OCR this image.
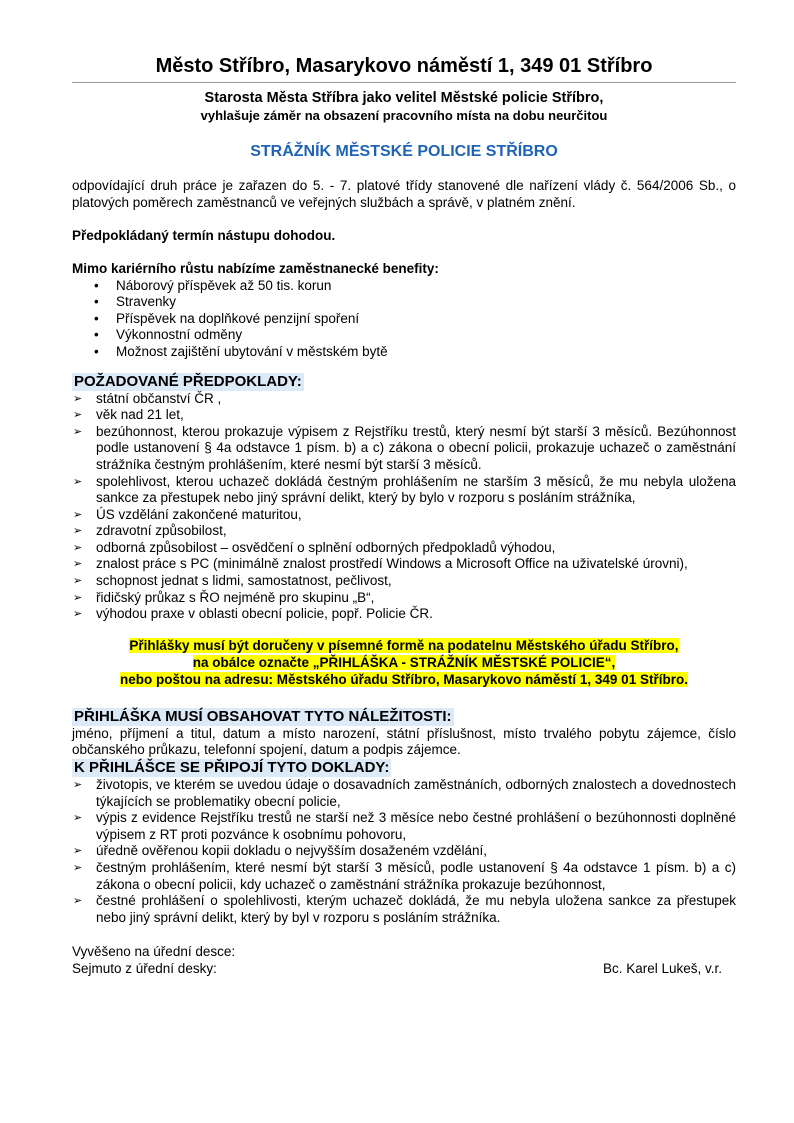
Město Stříbro, Masarykovo náměstí 1, 349 01 Stříbro
Starosta Města Stříbra jako velitel Městské policie Stříbro,
vyhlašuje záměr na obsazení pracovního místa na dobu neurčitou
STRÁŽNÍK MĚSTSKÉ POLICIE STŘÍBRO

odpovídající druh práce je zařazen do 5. - 7. platové třídy stanovené dle nařízení vlády č. 564/2006 Sb., o platových poměrech zaměstnanců ve veřejných službách a správě, v platném znění.

Předpokládaný termín nástupu dohodou.

Mimo kariérního růstu nabízíme zaměstnanecké benefity:

• Náborový příspěvek až 50 tis. korun
• Stravenky
• Příspěvek na doplňkové penzijní spoření
• Výkonnostní odměny
• Možnost zajištění ubytování v městském bytě
POŽADOVANÉ PŘEDPOKLADY:
➢ státní občanství ČR ,
➢ věk nad 21 let,
➢ bezúhonnost, kterou prokazuje výpisem z Rejstříku trestů, který nesmí být starší 3 měsíců. Bezúhonnost podle ustanovení § 4a odstavce 1 písm. b) a c) zákona o obecní policii, prokazuje uchazeč o zaměstnání strážníka čestným prohlášením, které nesmí být starší 3 měsíců.
➢ spolehlivost, kterou uchazeč dokládá čestným prohlášením ne starším 3 měsíců, že mu nebyla uložena sankce za přestupek nebo jiný správní delikt, který by bylo v rozporu s posláním strážníka,
➢ ÚS vzdělání zakončené maturitou,
➢ zdravotní způsobilost,
➢ odborná způsobilost – osvědčení o splnění odborných předpokladů výhodou,
➢ znalost práce s PC (minimálně znalost prostředí Windows a Microsoft Office na uživatelské úrovni),
➢ schopnost jednat s lidmi, samostatnost, pečlivost,
➢ řidičský průkaz s ŘO nejméně pro skupinu „B“,
➢ výhodou praxe v oblasti obecní policie, popř. Policie ČR.
Přihlášky musí být doručeny v písemné formě na podatelnu Městského úřadu Stříbro,
na obálce označte „PŘIHLÁŠKA - STRÁŽNÍK MĚSTSKÉ POLICIE“,
nebo poštou na adresu: Městského úřadu Stříbro, Masarykovo náměstí 1, 349 01 Stříbro.
PŘIHLÁŠKA MUSÍ OBSAHOVAT TYTO NÁLEŽITOSTI:

jméno, příjmení a titul, datum a místo narození, státní příslušnost, místo trvalého pobytu zájemce, číslo občanského průkazu, telefonní spojení, datum a podpis zájemce.

K PŘIHLÁŠCE SE PŘIPOJÍ TYTO DOKLADY:
➢ životopis, ve kterém se uvedou údaje o dosavadních zaměstnáních, odborných znalostech a dovednostech týkajících se problematiky obecní policie,
➢ výpis z evidence Rejstříku trestů ne starší než 3 měsíce nebo čestné prohlášení o bezúhonnosti doplněné výpisem z RT proti pozvánce k osobnímu pohovoru,
➢ úředně ověřenou kopii dokladu o nejvyšším dosaženém vzdělání,
➢ čestným prohlášením, které nesmí být starší 3 měsíců, podle ustanovení § 4a odstavce 1 písm. b) a c) zákona o obecní policii, kdy uchazeč o zaměstnání strážníka prokazuje bezúhonnost,
➢ čestné prohlášení o spolehlivosti, kterým uchazeč dokládá, že mu nebyla uložena sankce za přestupek nebo jiný správní delikt, který by byl v rozporu s posláním strážníka.
Vyvěšeno na úřední desce:
Sejmuto z úřední desky:	Bc. Karel Lukeš, v.r.
